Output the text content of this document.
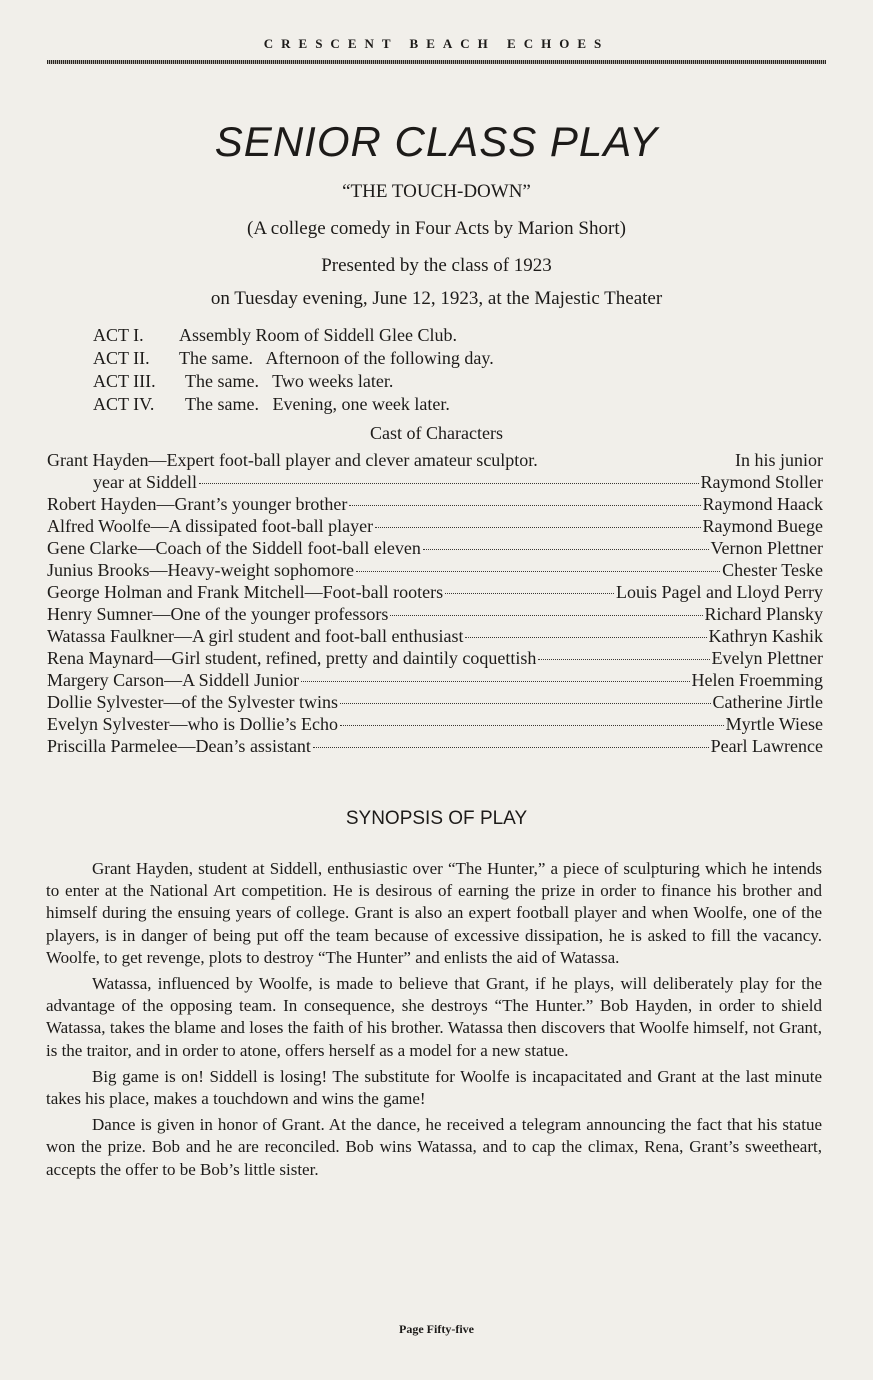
CRESCENT BEACH ECHOES
SENIOR CLASS PLAY
“THE TOUCH-DOWN”
(A college comedy in Four Acts by Marion Short)
Presented by the class of 1923
on Tuesday evening, June 12, 1923, at the Majestic Theater
ACT I.	Assembly Room of Siddell Glee Club.
ACT II.	The same.   Afternoon of the following day.
ACT III.	The same.   Two weeks later.
ACT IV.	The same.   Evening, one week later.
Cast of Characters
Grant Hayden—Expert foot-ball player and clever amateur sculptor.	In his junior
year at Siddell	Raymond Stoller
Robert Hayden—Grant’s younger brother	Raymond Haack
Alfred Woolfe—A dissipated foot-ball player	Raymond Buege
Gene Clarke—Coach of the Siddell foot-ball eleven	Vernon Plettner
Junius Brooks—Heavy-weight sophomore	Chester Teske
George Holman and Frank Mitchell—Foot-ball rooters	Louis Pagel and Lloyd Perry
Henry Sumner—One of the younger professors	Richard Plansky
Watassa Faulkner—A girl student and foot-ball enthusiast	Kathryn Kashik
Rena Maynard—Girl student, refined, pretty and daintily coquettish	Evelyn Plettner
Margery Carson—A Siddell Junior	Helen Froemming
Dollie Sylvester—of the Sylvester twins	Catherine Jirtle
Evelyn Sylvester—who is Dollie’s Echo	Myrtle Wiese
Priscilla Parmelee—Dean’s assistant	Pearl Lawrence
SYNOPSIS OF PLAY

Grant Hayden, student at Siddell, enthusiastic over “The Hunter,” a piece of sculpturing which he intends to enter at the National Art competition. He is desirous of earning the prize in order to finance his brother and himself during the ensuing years of college. Grant is also an expert football player and when Woolfe, one of the players, is in danger of being put off the team because of excessive dissipation, he is asked to fill the vacancy. Woolfe, to get revenge, plots to destroy “The Hunter” and enlists the aid of Watassa.

Watassa, influenced by Woolfe, is made to believe that Grant, if he plays, will deliberately play for the advantage of the opposing team. In consequence, she destroys “The Hunter.” Bob Hayden, in order to shield Watassa, takes the blame and loses the faith of his brother. Watassa then discovers that Woolfe himself, not Grant, is the traitor, and in order to atone, offers herself as a model for a new statue.

Big game is on! Siddell is losing! The substitute for Woolfe is incapacitated and Grant at the last minute takes his place, makes a touchdown and wins the game!

Dance is given in honor of Grant. At the dance, he received a telegram announcing the fact that his statue won the prize. Bob and he are reconciled. Bob wins Watassa, and to cap the climax, Rena, Grant’s sweetheart, accepts the offer to be Bob’s little sister.

Page Fifty-five
